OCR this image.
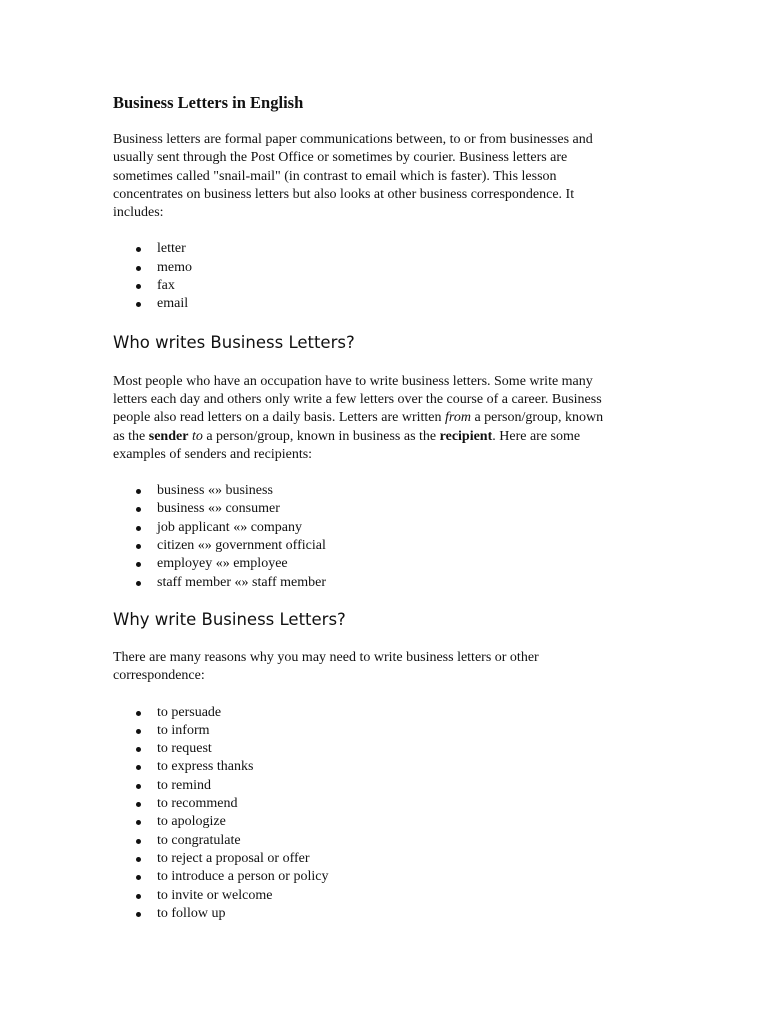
Business Letters in English

Business letters are formal paper communications between, to or from businesses and
usually sent through the Post Office or sometimes by courier. Business letters are
sometimes called "snail-mail" (in contrast to email which is faster). This lesson
concentrates on business letters but also looks at other business correspondence. It
includes:

letter
memo
fax
email
Who writes Business Letters?

Most people who have an occupation have to write business letters. Some write many
letters each day and others only write a few letters over the course of a career. Business
people also read letters on a daily basis. Letters are written from a person/group, known
as the sender to a person/group, known in business as the recipient. Here are some
examples of senders and recipients:

business «» business
business «» consumer
job applicant «» company
citizen «» government official
employey «» employee
staff member «» staff member
Why write Business Letters?

There are many reasons why you may need to write business letters or other
correspondence:

to persuade
to inform
to request
to express thanks
to remind
to recommend
to apologize
to congratulate
to reject a proposal or offer
to introduce a person or policy
to invite or welcome
to follow up
